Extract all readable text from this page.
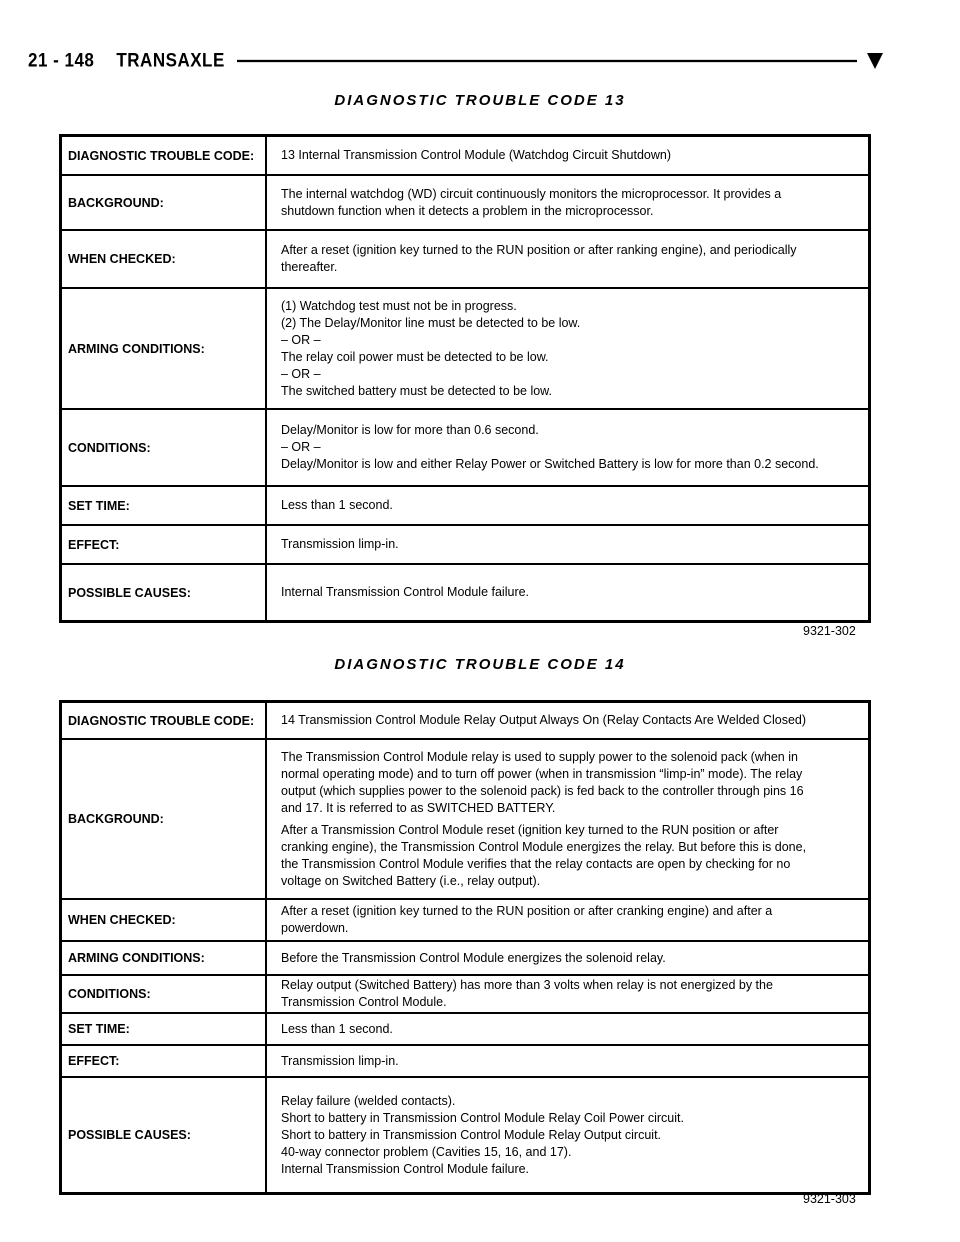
21 - 148 TRANSAXLE
DIAGNOSTIC TROUBLE CODE 13
DIAGNOSTIC TROUBLE CODE:	13 Internal Transmission Control Module (Watchdog Circuit Shutdown)
BACKGROUND:
The internal watchdog (WD) circuit continuously monitors the microprocessor. It provides a
shutdown function when it detects a problem in the microprocessor.
WHEN CHECKED:
After a reset (ignition key turned to the RUN position or after ranking engine), and periodically
thereafter.
ARMING CONDITIONS:
(1) Watchdog test must not be in progress.
(2) The Delay/Monitor line must be detected to be low.
– OR –
The relay coil power must be detected to be low.
– OR –
The switched battery must be detected to be low.
CONDITIONS:
Delay/Monitor is low for more than 0.6 second.
– OR –
Delay/Monitor is low and either Relay Power or Switched Battery is low for more than 0.2 second.
SET TIME:	Less than 1 second.
EFFECT:	Transmission limp-in.
POSSIBLE CAUSES:	Internal Transmission Control Module failure.
9321-302
DIAGNOSTIC TROUBLE CODE 14
DIAGNOSTIC TROUBLE CODE:	14 Transmission Control Module Relay Output Always On (Relay Contacts Are Welded Closed)
BACKGROUND:
The Transmission Control Module relay is used to supply power to the solenoid pack (when in
normal operating mode) and to turn off power (when in transmission “limp-in” mode). The relay
output (which supplies power to the solenoid pack) is fed back to the controller through pins 16
and 17. It is referred to as SWITCHED BATTERY.
After a Transmission Control Module reset (ignition key turned to the RUN position or after
cranking engine), the Transmission Control Module energizes the relay. But before this is done,
the Transmission Control Module verifies that the relay contacts are open by checking for no
voltage on Switched Battery (i.e., relay output).
WHEN CHECKED:
After a reset (ignition key turned to the RUN position or after cranking engine) and after a
powerdown.
ARMING CONDITIONS:	Before the Transmission Control Module energizes the solenoid relay.
CONDITIONS:
Relay output (Switched Battery) has more than 3 volts when relay is not energized by the
Transmission Control Module.
SET TIME:	Less than 1 second.
EFFECT:	Transmission limp-in.
POSSIBLE CAUSES:
Relay failure (welded contacts).
Short to battery in Transmission Control Module Relay Coil Power circuit.
Short to battery in Transmission Control Module Relay Output circuit.
40-way connector problem (Cavities 15, 16, and 17).
Internal Transmission Control Module failure.
9321-303
